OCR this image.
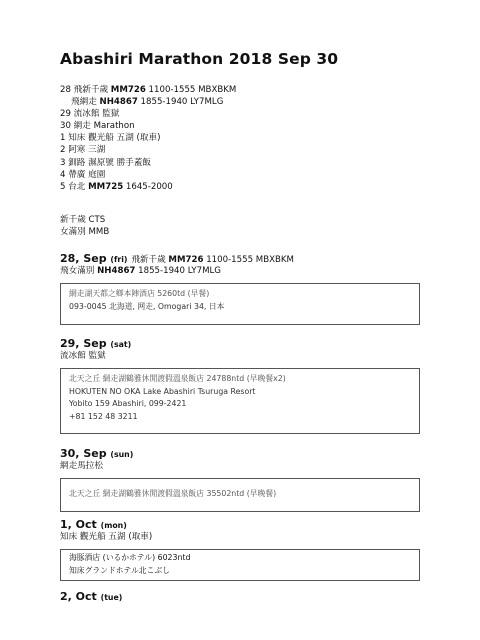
Abashiri Marathon 2018 Sep 30
28 飛新千歲 MM726 1100-1555 MBXBKM
飛網走 NH4867 1855-1940 LY7MLG
29 流冰館 監獄
30 網走 Marathon
1 知床 觀光船 五湖 (取車)
2 阿寒 三湖
3 釧路 濕原號 勝手蓋飯
4 帶廣 庭園
5 台北 MM725 1645-2000
新千歲 CTS
女滿別 MMB
28, Sep (fri) 飛新千歲 MM726 1100-1555 MBXBKM
飛女滿別 NH4867 1855-1940 LY7MLG
網走湖天都之鄉本陣酒店 5260td (早餐)
093-0045 北海道, 网走, Omogari 34, 日本
29, Sep (sat)
流冰館 監獄
北天之丘 網走湖鶴雅休閒渡假溫泉飯店 24788ntd (早晚餐x2)
HOKUTEN NO OKA Lake Abashiri Tsuruga Resort
Yobito 159 Abashiri, 099-2421
+81 152 48 3211
30, Sep (sun)
網走馬拉松
北天之丘 網走湖鶴雅休閒渡假溫泉飯店 35502ntd (早晚餐)
1, Oct (mon)
知床 觀光船 五湖 (取車)
海豚酒店 (いるかホテル) 6023ntd
知床グランドホテル北こぶし
2, Oct (tue)
